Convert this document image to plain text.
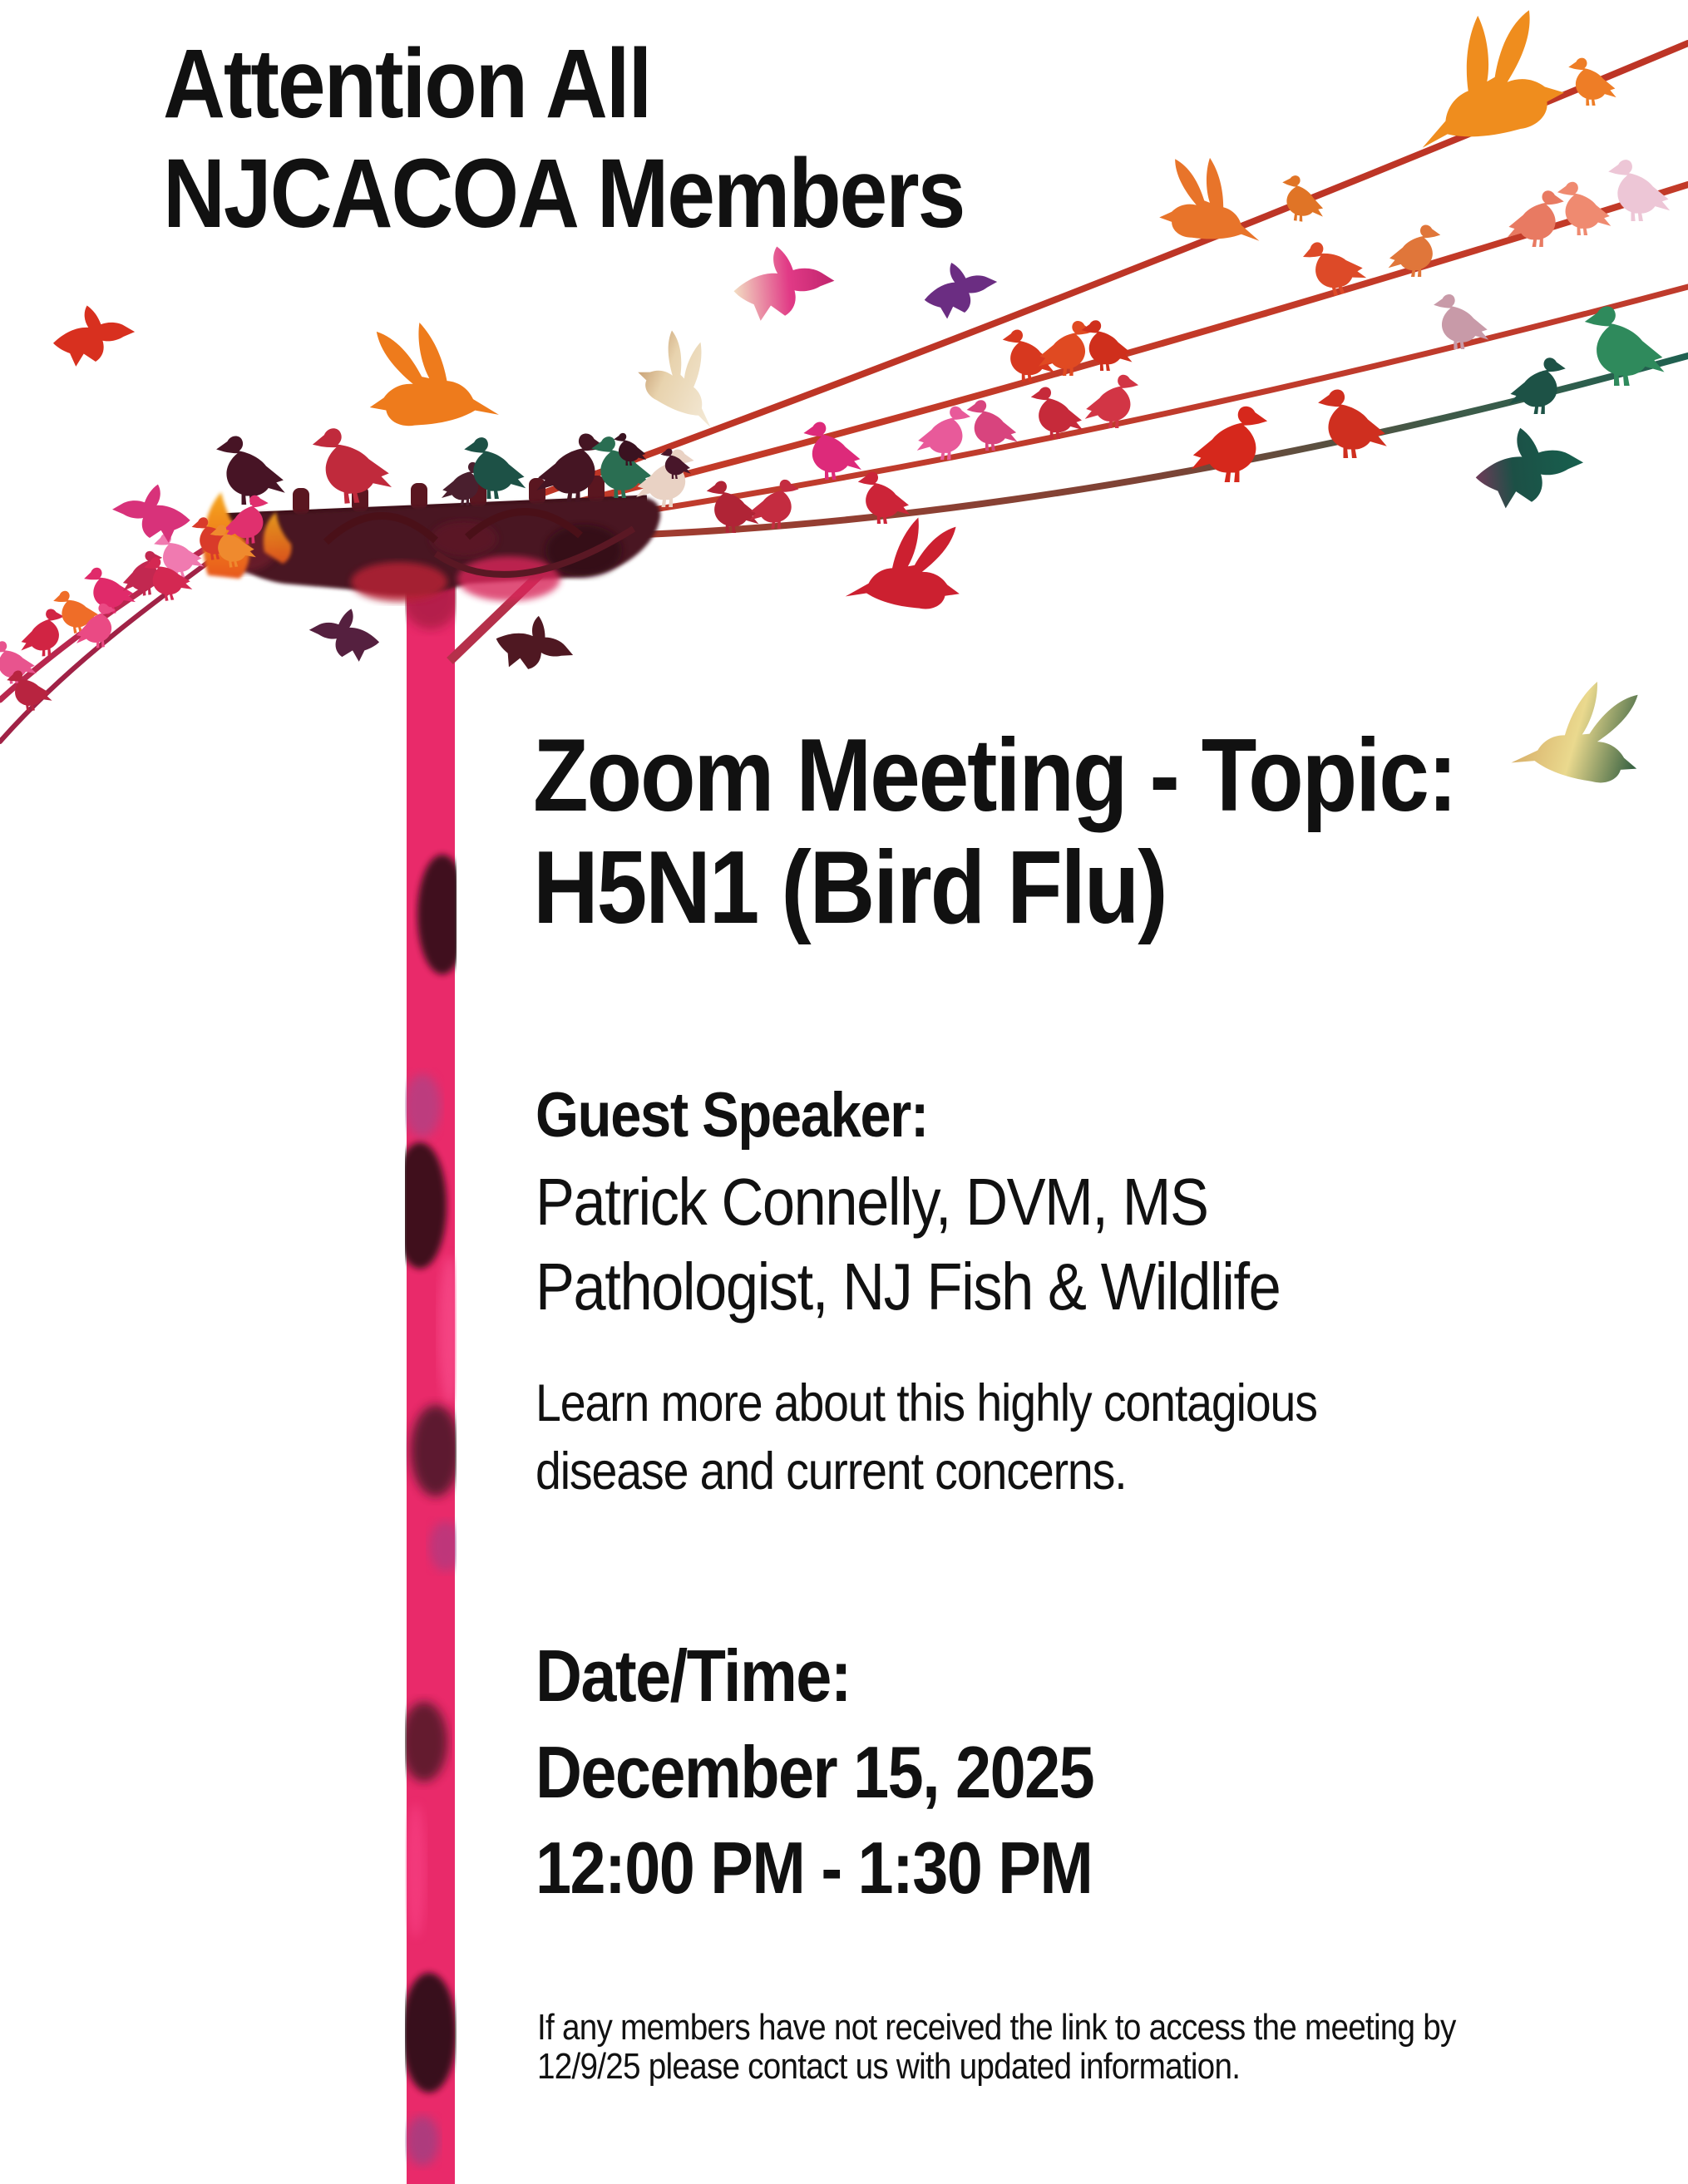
Attention All
NJCACOA Members
Zoom Meeting - Topic:
H5N1 (Bird Flu)
Guest Speaker:
Patrick Connelly, DVM, MS
Pathologist, NJ Fish & Wildlife
Learn more about this highly contagious
disease and current concerns.
Date/Time:
December 15, 2025
12:00 PM - 1:30 PM
If any members have not received the link to access the meeting by
12/9/25 please contact us with updated information.
